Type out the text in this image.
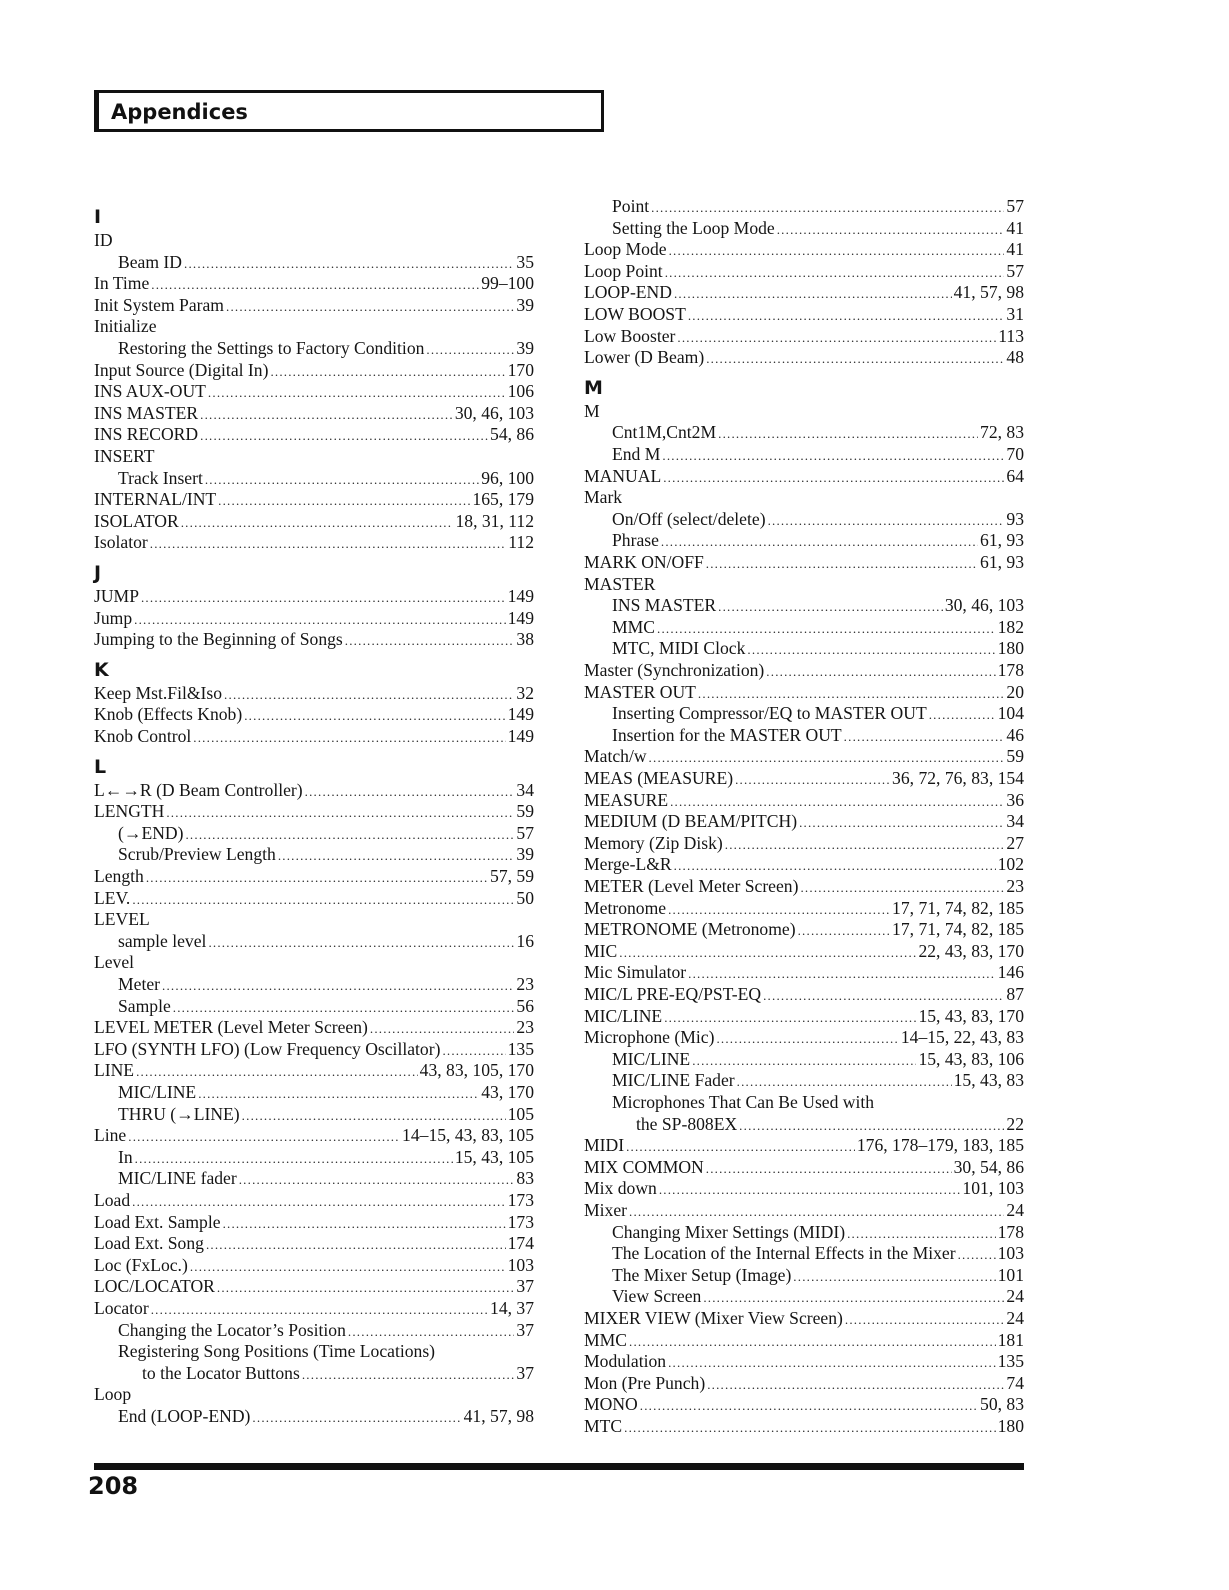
Appendices
I
ID
Beam ID .....	35
In Time .....	99–100
Init System Param .....	39
Initialize
Restoring the Settings to Factory Condition .....	39
Input Source (Digital In) .....	170
INS AUX-OUT .....	106
INS MASTER .....	30, 46, 103
INS RECORD .....	54, 86
INSERT
Track Insert .....	96, 100
INTERNAL/INT .....	165, 179
ISOLATOR .....	18, 31, 112
Isolator .....	112
J
JUMP .....	149
Jump .....	149
Jumping to the Beginning of Songs .....	38
K
Keep Mst.Fil&Iso .....	32
Knob (Effects Knob) .....	149
Knob Control .....	149
L
L←→R (D Beam Controller) .....	34
LENGTH .....	59
(→END) .....	57
Scrub/Preview Length .....	39
Length .....	57, 59
LEV. .....	50
LEVEL
sample level .....	16
Level
Meter .....	23
Sample .....	56
LEVEL METER (Level Meter Screen) .....	23
LFO (SYNTH LFO) (Low Frequency Oscillator) .....	135
LINE .....	43, 83, 105, 170
MIC/LINE .....	43, 170
THRU (→LINE) .....	105
Line .....	14–15, 43, 83, 105
In .....	15, 43, 105
MIC/LINE fader .....	83
Load .....	173
Load Ext. Sample .....	173
Load Ext. Song .....	174
Loc (FxLoc.) .....	103
LOC/LOCATOR .....	37
Locator .....	14, 37
Changing the Locator’s Position .....	37
Registering Song Positions (Time Locations)
to the Locator Buttons .....	37
Loop
End (LOOP-END) .....	41, 57, 98
Point .....	57
Setting the Loop Mode .....	41
Loop Mode .....	41
Loop Point .....	57
LOOP-END .....	41, 57, 98
LOW BOOST .....	31
Low Booster .....	113
Lower (D Beam) .....	48
M
M
Cnt1M,Cnt2M .....	72, 83
End M .....	70
MANUAL .....	64
Mark
On/Off (select/delete) .....	93
Phrase .....	61, 93
MARK ON/OFF .....	61, 93
MASTER
INS MASTER .....	30, 46, 103
MMC .....	182
MTC, MIDI Clock .....	180
Master (Synchronization) .....	178
MASTER OUT .....	20
Inserting Compressor/EQ to MASTER OUT .....	104
Insertion for the MASTER OUT .....	46
Match/w .....	59
MEAS (MEASURE) .....	36, 72, 76, 83, 154
MEASURE .....	36
MEDIUM (D BEAM/PITCH) .....	34
Memory (Zip Disk) .....	27
Merge-L&R .....	102
METER (Level Meter Screen) .....	23
Metronome .....	17, 71, 74, 82, 185
METRONOME (Metronome) .....	17, 71, 74, 82, 185
MIC .....	22, 43, 83, 170
Mic Simulator .....	146
MIC/L PRE-EQ/PST-EQ .....	87
MIC/LINE .....	15, 43, 83, 170
Microphone (Mic) .....	14–15, 22, 43, 83
MIC/LINE .....	15, 43, 83, 106
MIC/LINE Fader .....	15, 43, 83
Microphones That Can Be Used with
the SP-808EX .....	22
MIDI .....	176, 178–179, 183, 185
MIX COMMON .....	30, 54, 86
Mix down .....	101, 103
Mixer .....	24
Changing Mixer Settings (MIDI) .....	178
The Location of the Internal Effects in the Mixer ..... 103
The Mixer Setup (Image) .....	101
View Screen .....	24
MIXER VIEW (Mixer View Screen) .....	24
MMC .....	181
Modulation .....	135
Mon (Pre Punch) .....	74
MONO .....	50, 83
MTC .....	180
208
